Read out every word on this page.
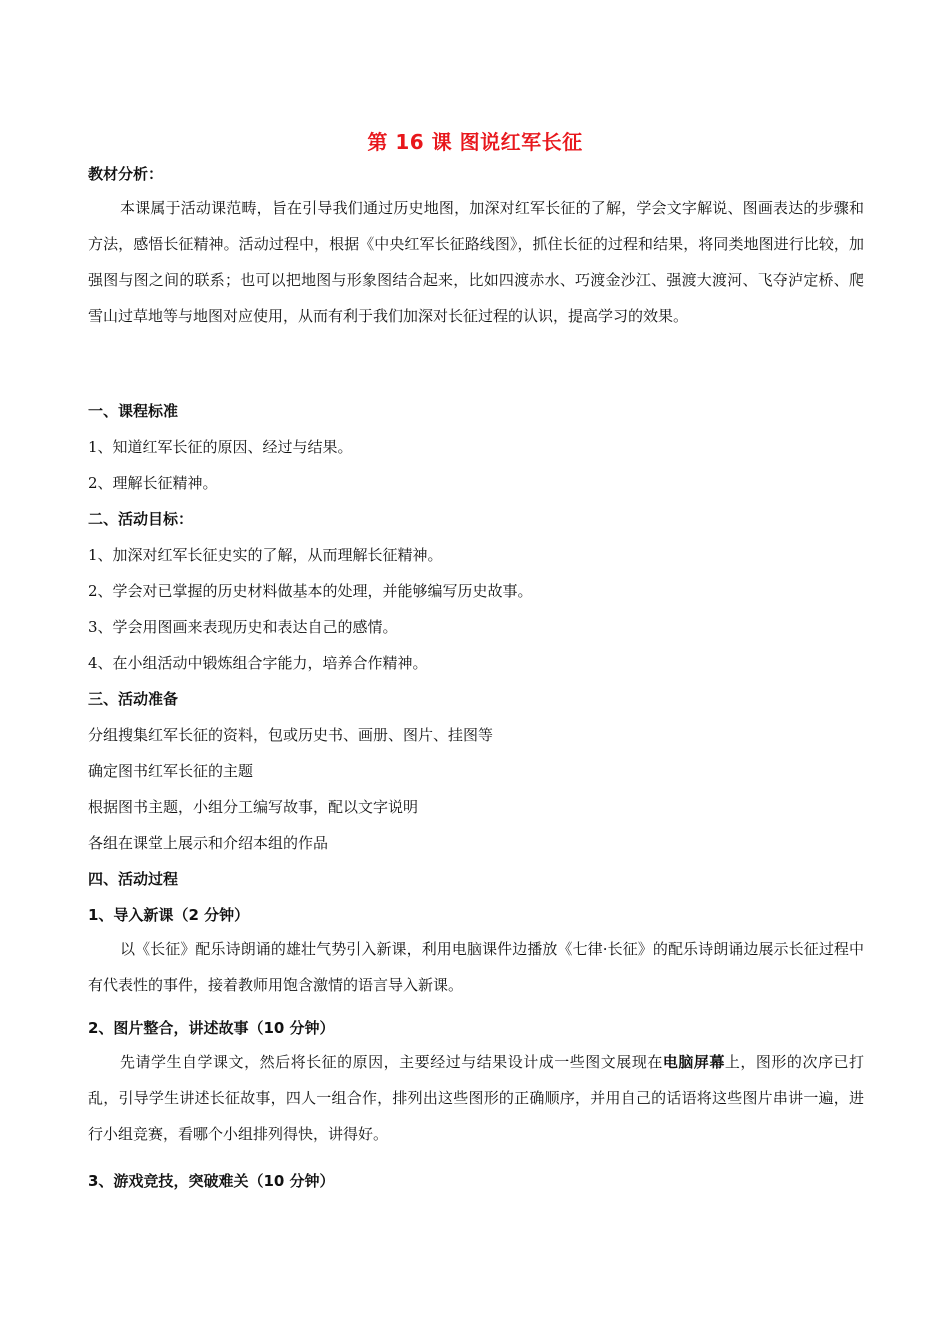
第 16 课 图说红军长征
教材分析：

本课属于活动课范畴，旨在引导我们通过历史地图，加深对红军长征的了解，学会文字解说、图画表达的步骤和方法，感悟长征精神。活动过程中，根据《中央红军长征路线图》，抓住长征的过程和结果，将同类地图进行比较，加强图与图之间的联系；也可以把地图与形象图结合起来，比如四渡赤水、巧渡金沙江、强渡大渡河、飞夺泸定桥、爬雪山过草地等与地图对应使用，从而有利于我们加深对长征过程的认识，提高学习的效果。

一、课程标准
1、知道红军长征的原因、经过与结果。
2、理解长征精神。
二、活动目标：
1、加深对红军长征史实的了解，从而理解长征精神。
2、学会对已掌握的历史材料做基本的处理，并能够编写历史故事。
3、学会用图画来表现历史和表达自己的感情。
4、在小组活动中锻炼组合字能力，培养合作精神。
三、活动准备
分组搜集红军长征的资料，包或历史书、画册、图片、挂图等
确定图书红军长征的主题
根据图书主题，小组分工编写故事，配以文字说明
各组在课堂上展示和介绍本组的作品
四、活动过程
1、导入新课（2 分钟）

以《长征》配乐诗朗诵的雄壮气势引入新课，利用电脑课件边播放《七律·长征》的配乐诗朗诵边展示长征过程中有代表性的事件，接着教师用饱含激情的语言导入新课。

2、图片整合，讲述故事（10 分钟）

先请学生自学课文，然后将长征的原因，主要经过与结果设计成一些图文展现在电脑屏幕上，图形的次序已打乱，引导学生讲述长征故事，四人一组合作，排列出这些图形的正确顺序，并用自己的话语将这些图片串讲一遍，进行小组竞赛，看哪个小组排列得快，讲得好。

3、游戏竞技，突破难关（10 分钟）
